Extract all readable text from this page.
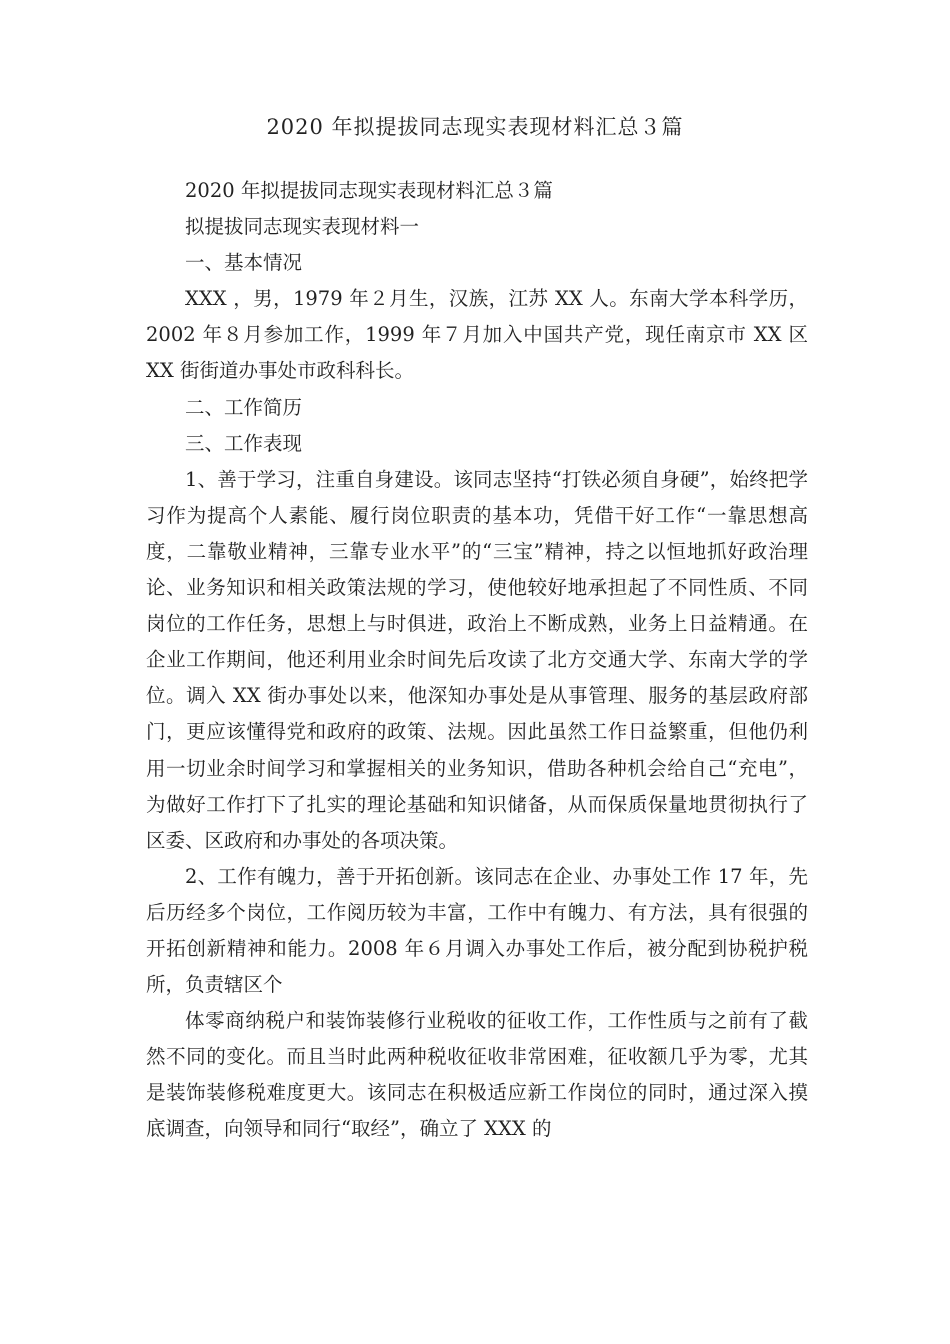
2020 年拟提拔同志现实表现材料汇总３篇

2020 年拟提拔同志现实表现材料汇总３篇

拟提拔同志现实表现材料一

一、基本情况

XXX ，男，1979 年２月生，汉族，江苏 XX 人。东南大学本科学历，2002 年８月参加工作，1999 年７月加入中国共产党，现任南京市 XX 区 XX 街街道办事处市政科科长。

二、工作简历

三、工作表现

1、善于学习，注重自身建设。该同志坚持“打铁必须自身硬”，始终把学习作为提高个人素能、履行岗位职责的基本功，凭借干好工作“一靠思想高度，二靠敬业精神，三靠专业水平”的“三宝”精神，持之以恒地抓好政治理论、业务知识和相关政策法规的学习，使他较好地承担起了不同性质、不同岗位的工作任务，思想上与时俱进，政治上不断成熟，业务上日益精通。在企业工作期间，他还利用业余时间先后攻读了北方交通大学、东南大学的学位。调入 XX 街办事处以来，他深知办事处是从事管理、服务的基层政府部门，更应该懂得党和政府的政策、法规。因此虽然工作日益繁重，但他仍利用一切业余时间学习和掌握相关的业务知识，借助各种机会给自己“充电”，为做好工作打下了扎实的理论基础和知识储备，从而保质保量地贯彻执行了区委、区政府和办事处的各项决策。

2、工作有魄力，善于开拓创新。该同志在企业、办事处工作 17 年，先后历经多个岗位，工作阅历较为丰富，工作中有魄力、有方法，具有很强的开拓创新精神和能力。2008 年６月调入办事处工作后，被分配到协税护税所，负责辖区个

体零商纳税户和装饰装修行业税收的征收工作，工作性质与之前有了截然不同的变化。而且当时此两种税收征收非常困难，征收额几乎为零，尤其是装饰装修税难度更大。该同志在积极适应新工作岗位的同时，通过深入摸底调查，向领导和同行“取经”，确立了 XXX 的
